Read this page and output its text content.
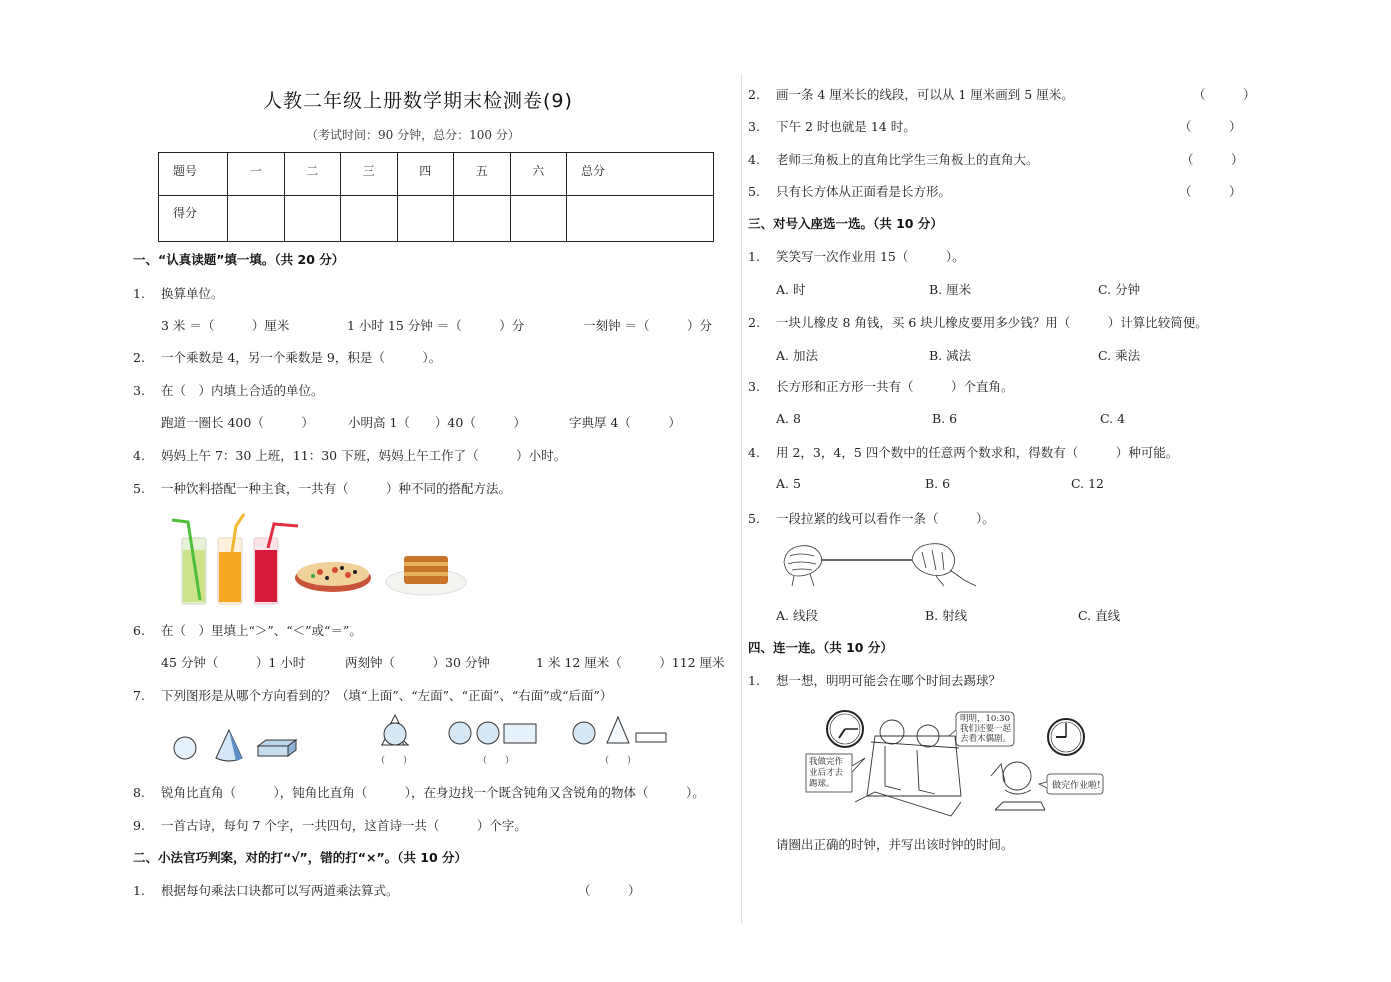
人教二年级上册数学期末检测卷(9)
（考试时间：90 分钟，总分：100 分）
题号	一	二	三	四	五	六	总分
得分							
一、“认真读题”填一填。（共 20 分）
1. 换算单位。
3 米 ＝（　　　）厘米	1 小时 15 分钟 ＝（　　　）分	一刻钟 ＝（　　　）分
2. 一个乘数是 4，另一个乘数是 9，积是（　　　）。
3. 在（　）内填上合适的单位。
跑道一圈长 400（　　　）	小明高 1（　　）40（　　　）	字典厚 4（　　　）
4. 妈妈上午 7：30 上班，11：30 下班，妈妈上午工作了（　　　）小时。
5. 一种饮料搭配一种主食，一共有（　　　）种不同的搭配方法。
6. 在（　）里填上“＞”、“＜”或“＝”。
45 分钟（　　　）1 小时	两刻钟（　　　）30 分钟	1 米 12 厘米（　　　）112 厘米
7. 下列图形是从哪个方向看到的？（填“上面”、“左面”、“正面”、“右面”或“后面”）
（　　）	（　　）	（　　）
8. 锐角比直角（　　　），钝角比直角（　　　），在身边找一个既含钝角又含锐角的物体（　　　）。
9. 一首古诗，每句 7 个字，一共四句，这首诗一共（　　　）个字。
二、小法官巧判案，对的打“√”，错的打“×”。（共 10 分）
1. 根据每句乘法口诀都可以写两道乘法算式。	（　　　）
2. 画一条 4 厘米长的线段，可以从 1 厘米画到 5 厘米。	（　　　）
3. 下午 2 时也就是 14 时。	（　　　）
4. 老师三角板上的直角比学生三角板上的直角大。	（　　　）
5. 只有长方体从正面看是长方形。	（　　　）
三、对号入座选一选。（共 10 分）
1. 笑笑写一次作业用 15（　　　）。
A. 时	B. 厘米	C. 分钟
2. 一块儿橡皮 8 角钱，买 6 块儿橡皮要用多少钱？用（　　　）计算比较简便。
A. 加法	B. 减法	C. 乘法
3. 长方形和正方形一共有（　　　）个直角。
A. 8	B. 6	C. 4
4. 用 2，3，4，5 四个数中的任意两个数求和，得数有（　　　）种可能。
A. 5	B. 6	C. 12
5. 一段拉紧的线可以看作一条（　　　）。
A. 线段	B. 射线	C. 直线
四、连一连。（共 10 分）
1. 想一想，明明可能会在哪个时间去踢球？
我做完作
业后才去
踢球。
明明，10:30
我们还要一起
去看木偶剧。
做完作业啦!
请圈出正确的时钟，并写出该时钟的时间。
